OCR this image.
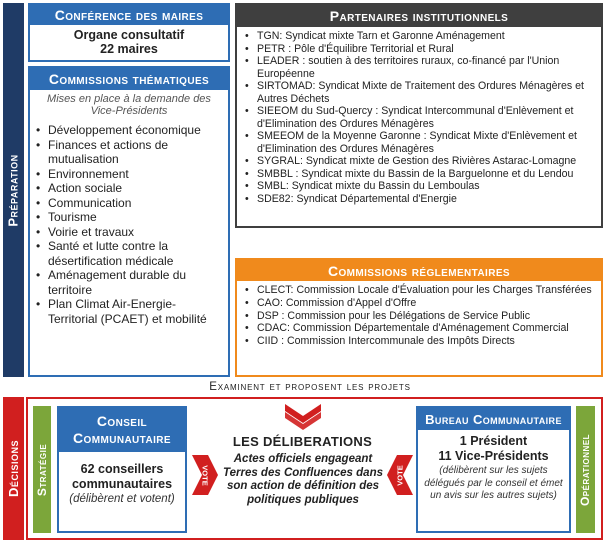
Préparation
Conférence des maires
Organe consultatif
22 maires
Commissions thématiques
Mises en place à la demande des Vice-Présidents
• Développement économique
• Finances et actions de mutualisation
• Environnement
• Action sociale
• Communication
• Tourisme
• Voirie et travaux
• Santé et lutte contre la désertification médicale
• Aménagement durable du territoire
• Plan Climat Air-Energie-Territorial (PCAET) et mobilité
Partenaires institutionnels
• TGN: Syndicat mixte Tarn et Garonne Aménagement
• PETR : Pôle d'Équilibre Territorial et Rural
• LEADER : soutien à des territoires ruraux, co-financé par l'Union Européenne
• SIRTOMAD: Syndicat Mixte de Traitement des Ordures Ménagères et Autres Déchets
• SIEEOM du Sud-Quercy : Syndicat Intercommunal d'Enlèvement et d'Elimination des Ordures Ménagères
• SMEEOM de la Moyenne Garonne : Syndicat Mixte d'Enlèvement et d'Elimination des Ordures Ménagères
• SYGRAL: Syndicat mixte de Gestion des Rivières Astarac-Lomagne
• SMBBL : Syndicat mixte du Bassin de la Barguelonne et du Lendou
• SMBL: Syndicat mixte du Bassin du Lemboulas
• SDE82: Syndicat Départemental d'Energie
Commissions réglementaires
• CLECT: Commission Locale d'Évaluation pour les Charges Transférées
• CAO: Commission d'Appel d'Offre
• DSP : Commission pour les Délégations de Service Public
• CDAC: Commission Départementale d'Aménagement Commercial
• CIID : Commission Intercommunale des Impôts Directs
Examinent et proposent les projets
Décisions Stratégie
Conseil Communautaire
62 conseillers communautaires
(délibèrent et votent)
LES DÉLIBERATIONS
Actes officiels engageant Terres des Confluences dans son action de définition des politiques publiques
VOTE	VOTE
Bureau Communautaire
1 Président
11 Vice-Présidents
(délibèrent sur les sujets délégués par le conseil et émet un avis sur les autres sujets)	Opérationnel
